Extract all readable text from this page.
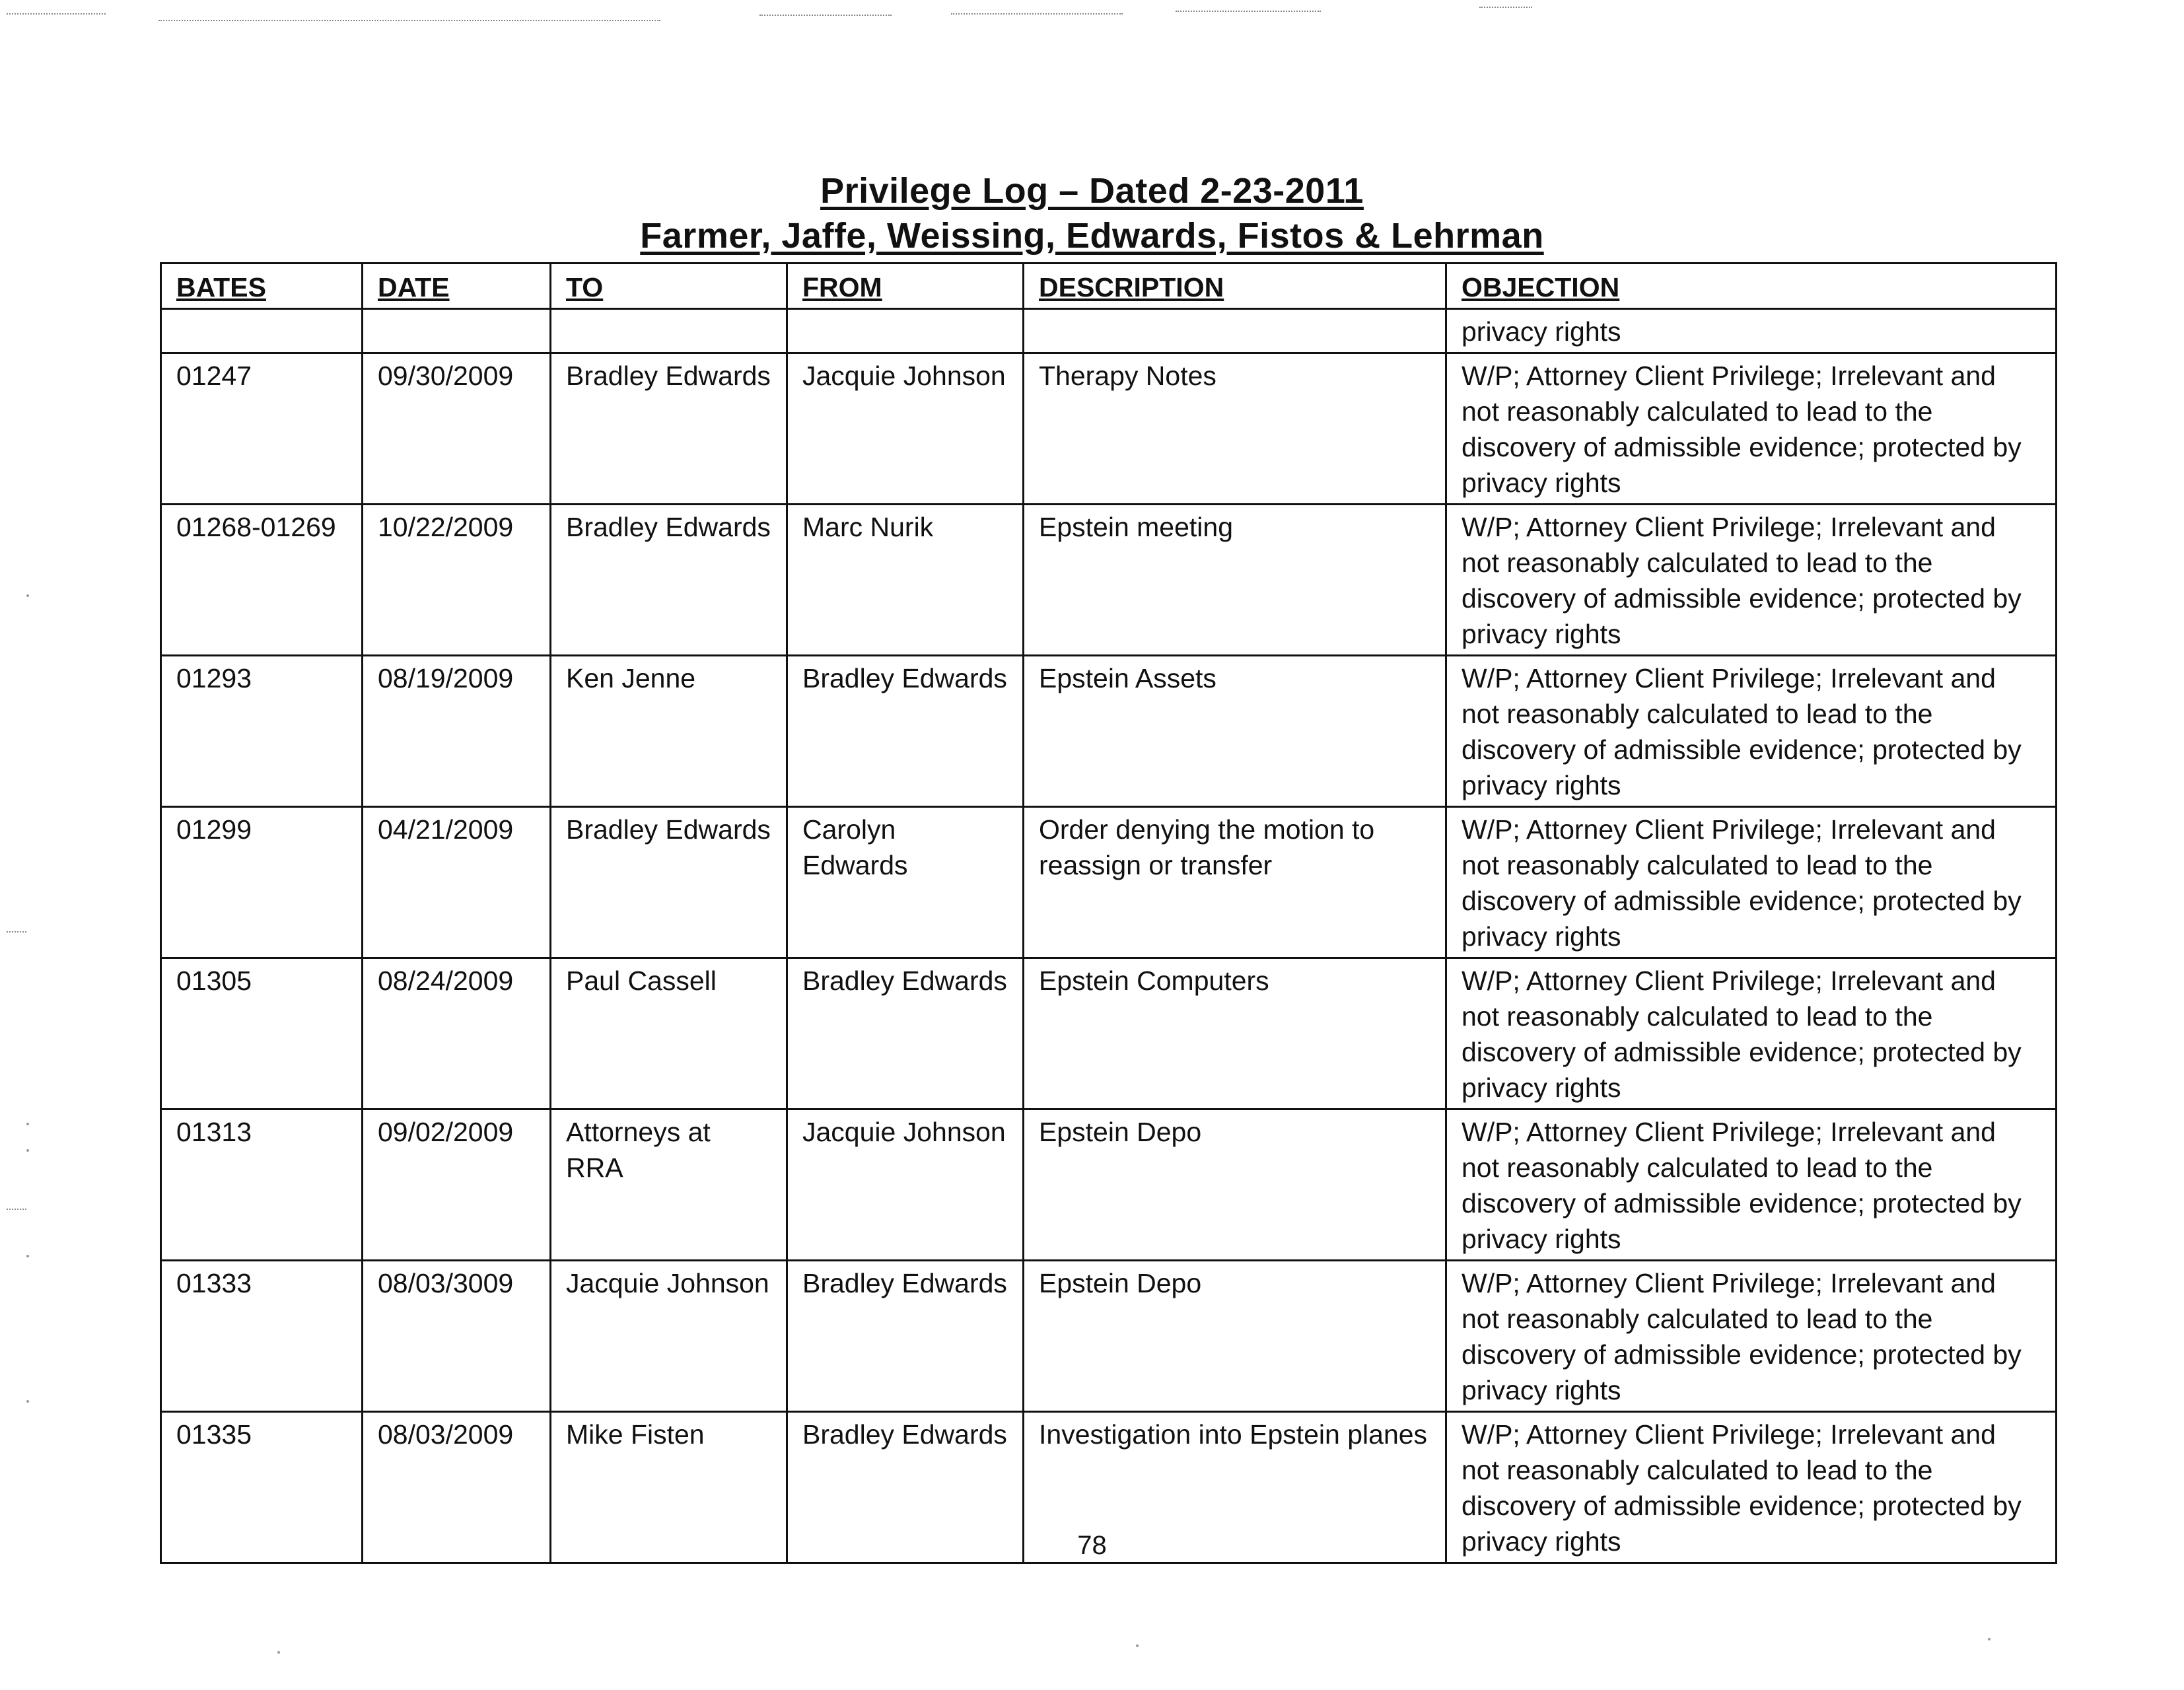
Privilege Log – Dated 2-23-2011
Farmer, Jaffe, Weissing, Edwards, Fistos & Lehrman
BATES	DATE	TO	FROM	DESCRIPTION	OBJECTION
					privacy rights
01247	09/30/2009	Bradley Edwards	Jacquie Johnson	Therapy Notes	W/P; Attorney Client Privilege; Irrelevant and not reasonably calculated to lead to the discovery of admissible evidence; protected by privacy rights
01268-01269	10/22/2009	Bradley Edwards	Marc Nurik	Epstein meeting	W/P; Attorney Client Privilege; Irrelevant and not reasonably calculated to lead to the discovery of admissible evidence; protected by privacy rights
01293	08/19/2009	Ken Jenne	Bradley Edwards	Epstein Assets	W/P; Attorney Client Privilege; Irrelevant and not reasonably calculated to lead to the discovery of admissible evidence; protected by privacy rights
01299	04/21/2009	Bradley Edwards	Carolyn Edwards	Order denying the motion to reassign or transfer	W/P; Attorney Client Privilege; Irrelevant and not reasonably calculated to lead to the discovery of admissible evidence; protected by privacy rights
01305	08/24/2009	Paul Cassell	Bradley Edwards	Epstein Computers	W/P; Attorney Client Privilege; Irrelevant and not reasonably calculated to lead to the discovery of admissible evidence; protected by privacy rights
01313	09/02/2009	Attorneys at RRA	Jacquie Johnson	Epstein Depo	W/P; Attorney Client Privilege; Irrelevant and not reasonably calculated to lead to the discovery of admissible evidence; protected by privacy rights
01333	08/03/3009	Jacquie Johnson	Bradley Edwards	Epstein Depo	W/P; Attorney Client Privilege; Irrelevant and not reasonably calculated to lead to the discovery of admissible evidence; protected by privacy rights
01335	08/03/2009	Mike Fisten	Bradley Edwards	Investigation into Epstein planes	W/P; Attorney Client Privilege; Irrelevant and not reasonably calculated to lead to the discovery of admissible evidence; protected by privacy rights
78
